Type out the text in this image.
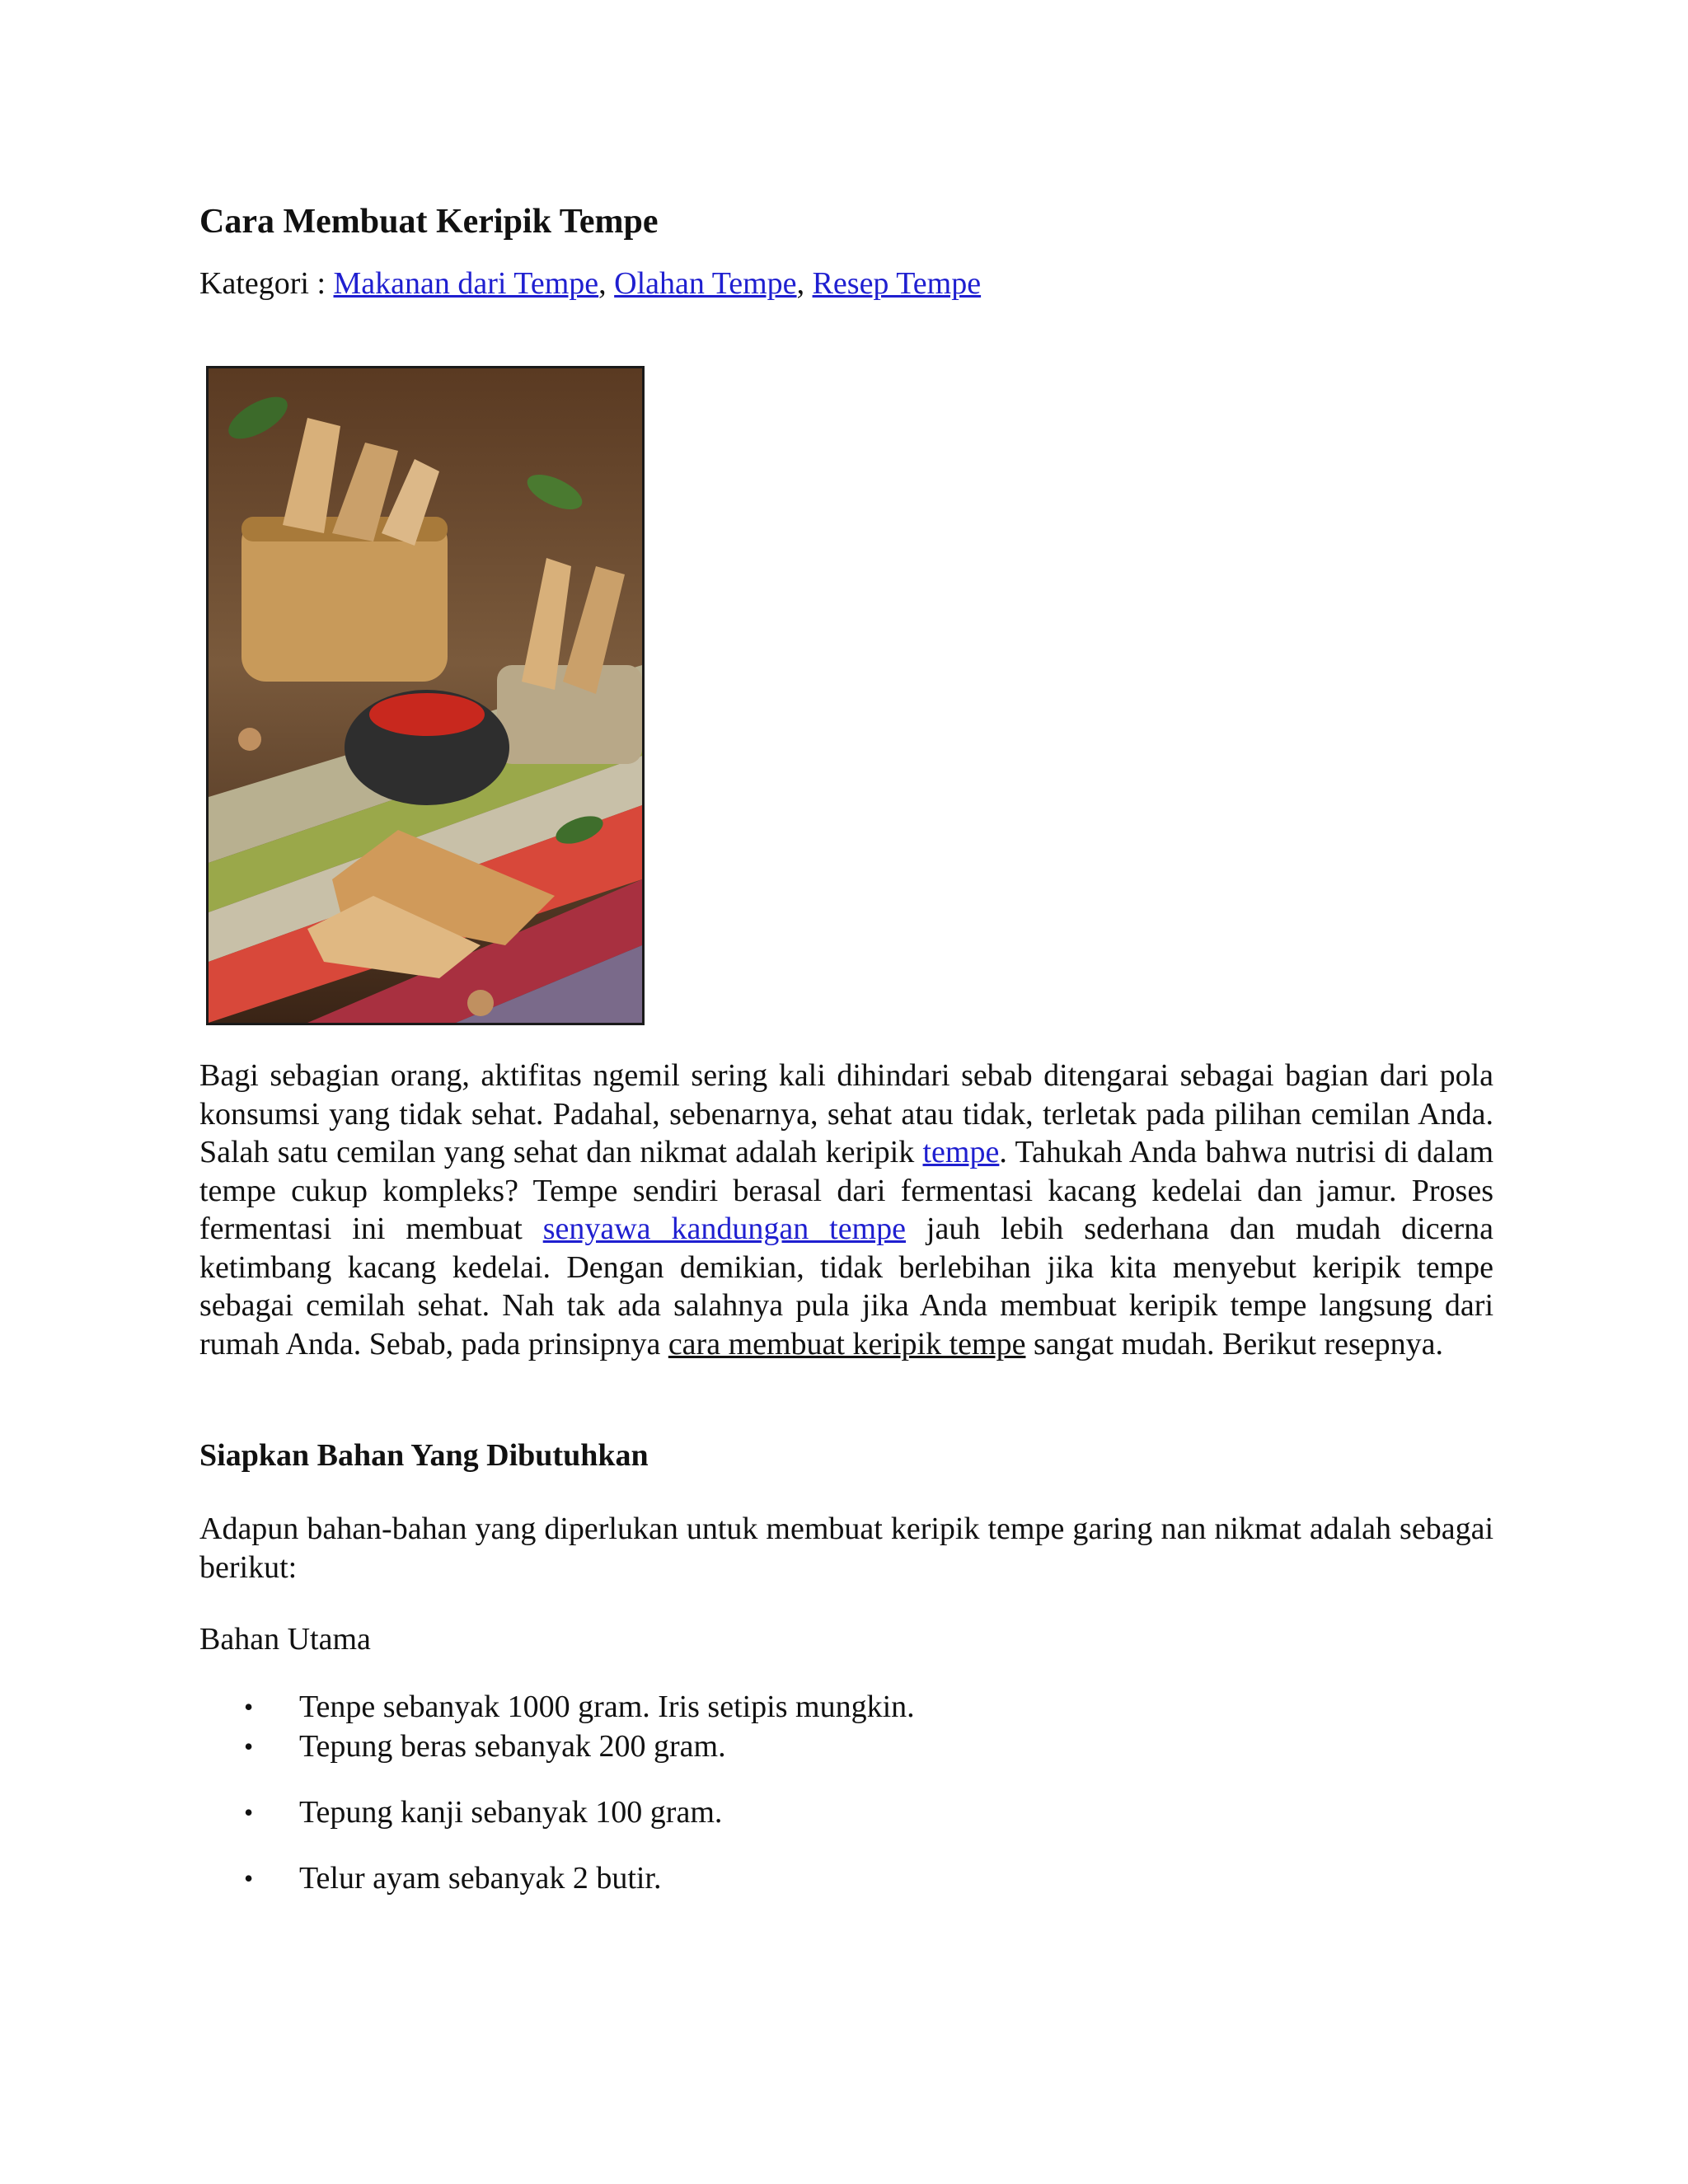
Cara Membuat Keripik Tempe
Kategori : Makanan dari Tempe, Olahan Tempe, Resep Tempe

Bagi sebagian orang, aktifitas ngemil sering kali dihindari sebab ditengarai sebagai bagian dari pola konsumsi yang tidak sehat. Padahal, sebenarnya, sehat atau tidak, terletak pada pilihan cemilan Anda. Salah satu cemilan yang sehat dan nikmat adalah keripik tempe. Tahukah Anda bahwa nutrisi di dalam tempe cukup kompleks? Tempe sendiri berasal dari fermentasi kacang kedelai dan jamur. Proses fermentasi ini membuat senyawa kandungan tempe jauh lebih sederhana dan mudah dicerna ketimbang kacang kedelai. Dengan demikian, tidak berlebihan jika kita menyebut keripik tempe sebagai cemilah sehat. Nah tak ada salahnya pula jika Anda membuat keripik tempe langsung dari rumah Anda. Sebab, pada prinsipnya cara membuat keripik tempe sangat mudah. Berikut resepnya.

Siapkan Bahan Yang Dibutuhkan

Adapun bahan-bahan yang diperlukan untuk membuat keripik tempe garing nan nikmat adalah sebagai berikut:

Bahan Utama
• Tenpe sebanyak 1000 gram. Iris setipis mungkin.
• Tepung beras sebanyak 200 gram.
• Tepung kanji sebanyak 100 gram.
• Telur ayam sebanyak 2 butir.
